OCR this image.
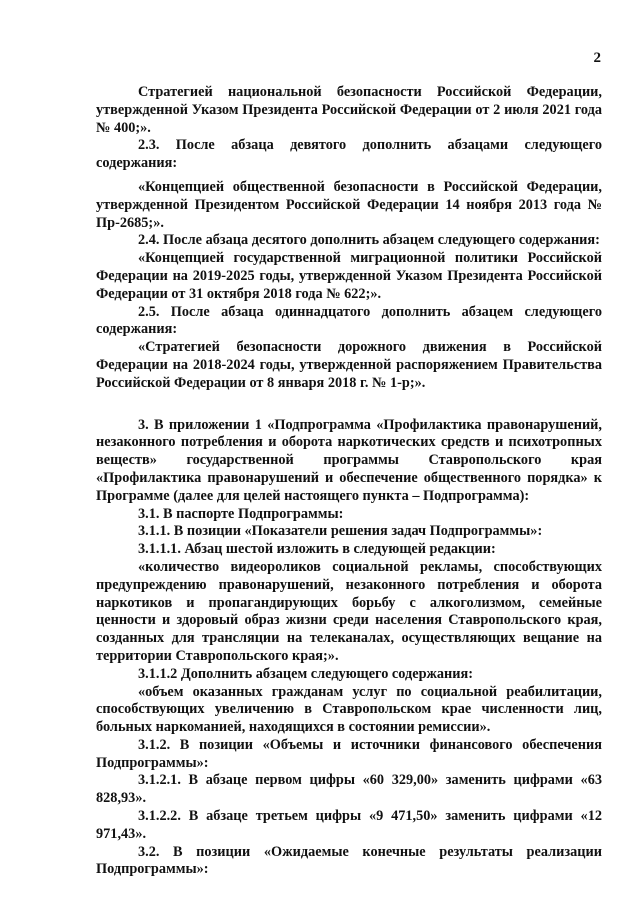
2

Стратегией национальной безопасности Российской Федерации, утвержденной Указом Президента Российской Федерации от 2 июля 2021 года № 400;».

2.3. После абзаца девятого дополнить абзацами следующего содержания:

«Концепцией общественной безопасности в Российской Федерации, утвержденной Президентом Российской Федерации 14 ноября 2013 года № Пр-2685;».

2.4. После абзаца десятого дополнить абзацем следующего содержания:

«Концепцией государственной миграционной политики Российской Федерации на 2019-2025 годы, утвержденной Указом Президента Российской Федерации от 31 октября 2018 года № 622;».

2.5. После абзаца одиннадцатого дополнить абзацем следующего содержания:

«Стратегией безопасности дорожного движения в Российской Федерации на 2018-2024 годы, утвержденной распоряжением Правительства Российской Федерации от 8 января 2018 г. № 1-р;».

3. В приложении 1 «Подпрограмма «Профилактика правонарушений, незаконного потребления и оборота наркотических средств и психотропных веществ» государственной программы Ставропольского края «Профилактика правонарушений и обеспечение общественного порядка» к Программе (далее для целей настоящего пункта – Подпрограмма):

3.1. В паспорте Подпрограммы:

3.1.1. В позиции «Показатели решения задач Подпрограммы»:

3.1.1.1. Абзац шестой изложить в следующей редакции:

«количество видеороликов социальной рекламы, способствующих предупреждению правонарушений, незаконного потребления и оборота наркотиков и пропагандирующих борьбу с алкоголизмом, семейные ценности и здоровый образ жизни среди населения Ставропольского края, созданных для трансляции на телеканалах, осуществляющих вещание на территории Ставропольского края;».

3.1.1.2 Дополнить абзацем следующего содержания:

«объем оказанных гражданам услуг по социальной реабилитации, способствующих увеличению в Ставропольском крае численности лиц, больных наркоманией, находящихся в состоянии ремиссии».

3.1.2. В позиции «Объемы и источники финансового обеспечения Подпрограммы»:

3.1.2.1. В абзаце первом цифры «60 329,00» заменить цифрами «63 828,93».

3.1.2.2. В абзаце третьем цифры «9 471,50» заменить цифрами «12 971,43».

3.2. В позиции «Ожидаемые конечные результаты реализации Подпрограммы»:
